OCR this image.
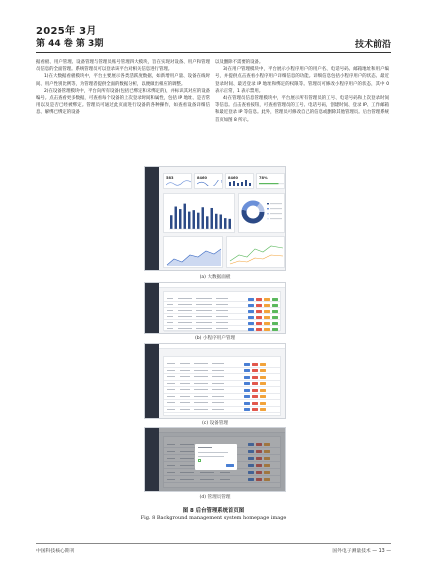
2025年 3月
第 44 卷 第 3期	技术前沿

据看板、用户管理、设备管理与管理员账号管理四大模块，旨在实现对设备、用户和管理员信息的全面管理。系统管理员可以登录该平台对相关信息进行管理。

1)在大数据看板模块中，平台主要展示各类活跃度数据，如新增用户量、设备在线时间、用户性别比例等，为管理者提供全面的数据分析，以便做出相应的调整。

2)在设备管理模块中，平台向所有设备(包括已绑定和未绑定的)，并标识其对应的设备编号。点击查看更多数据，可查看每个设备的上次登录时间和属性，包括 IP 地址、是否常用以及是否已经被绑定。管理员可通过此页面进行设备的各种操作，如查看设备详细信息、解绑已绑定的设备

以及删除不需要的设备。

3)在用户管理模块中，平台展示小程序用户的用户名、电话号码、邮箱地址和用户编号，并提供点击查看小程序用户详细信息的功能。详细信息包括小程序用户的状态、最近登录时间、最近登录 IP 地址和绑定的权限等。管理员可修改小程序用户的状态，其中 0 表示正常，1 表示禁用。

4)在管理员信息管理模块中，平台展示所有管理员的工号、电话号码和上次登录时间等信息。点击查看按钮，可查看管理员的工号、电话号码，创建时间、登录 IP、工作邮箱和最近登录 IP 等信息。此外，管理员可修改自己的信息或删除其他管理员。后台管理系统首页如图 8 所示。

583	8460	8460	78%
(a) 大数据面板
(b) 小程序用户管理
(c) 设备管理
(d) 管理员管理
图 8 后台管理系统首页图
Fig. 8 Background management system homepage image
中国科技核心期刊	国外电子测量技术 — 13 —
